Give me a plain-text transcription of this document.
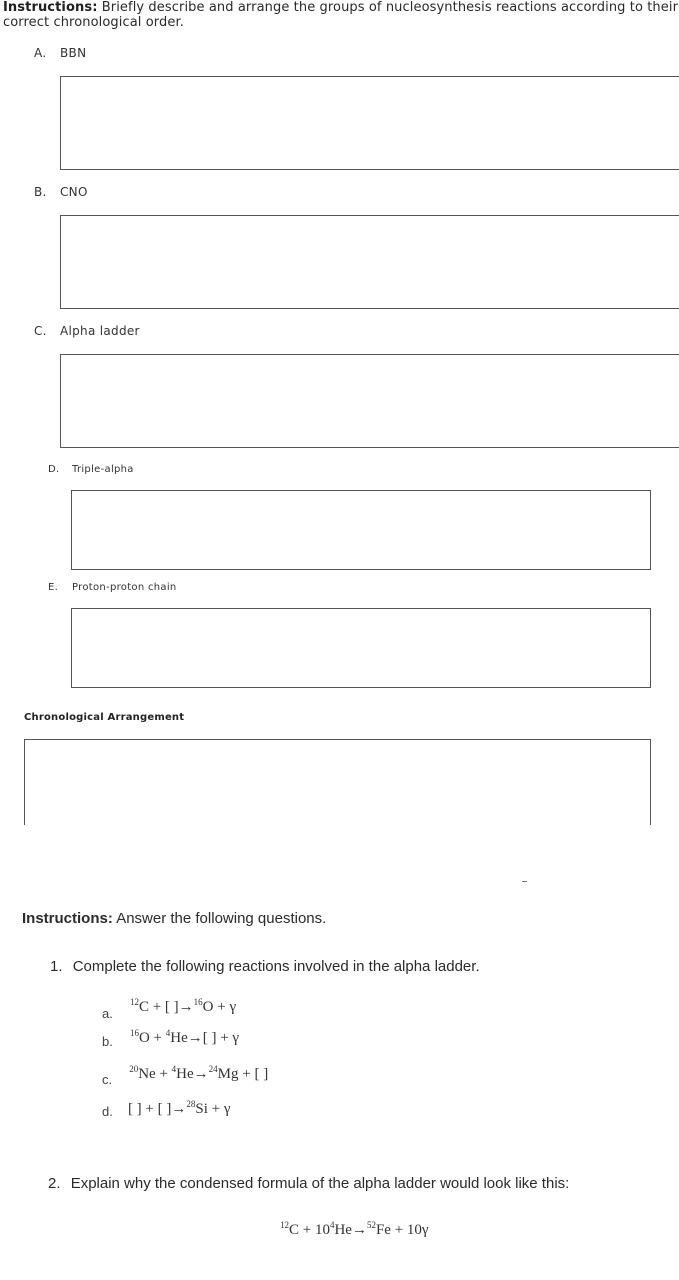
Instructions: Briefly describe and arrange the groups of nucleosynthesis reactions according to their correct chronological order.
A. BBN
B. CNO
C. Alpha ladder
D. Triple-alpha
E. Proton-proton chain
Chronological Arrangement
Instructions: Answer the following questions.
1. Complete the following reactions involved in the alpha ladder.
a. $^{12}$C + [ ]→$^{16}$O + γ
b. $^{16}$O + $^4$He→[ ] + γ
c. $^{20}$Ne + $^4$He→$^{24}$Mg + [ ]
d. [ ] + [ ]→$^{28}$Si + γ
2. Explain why the condensed formula of the alpha ladder would look like this:
$^{12}C + 10^4He\to^{52}Fe + 10\gamma$
